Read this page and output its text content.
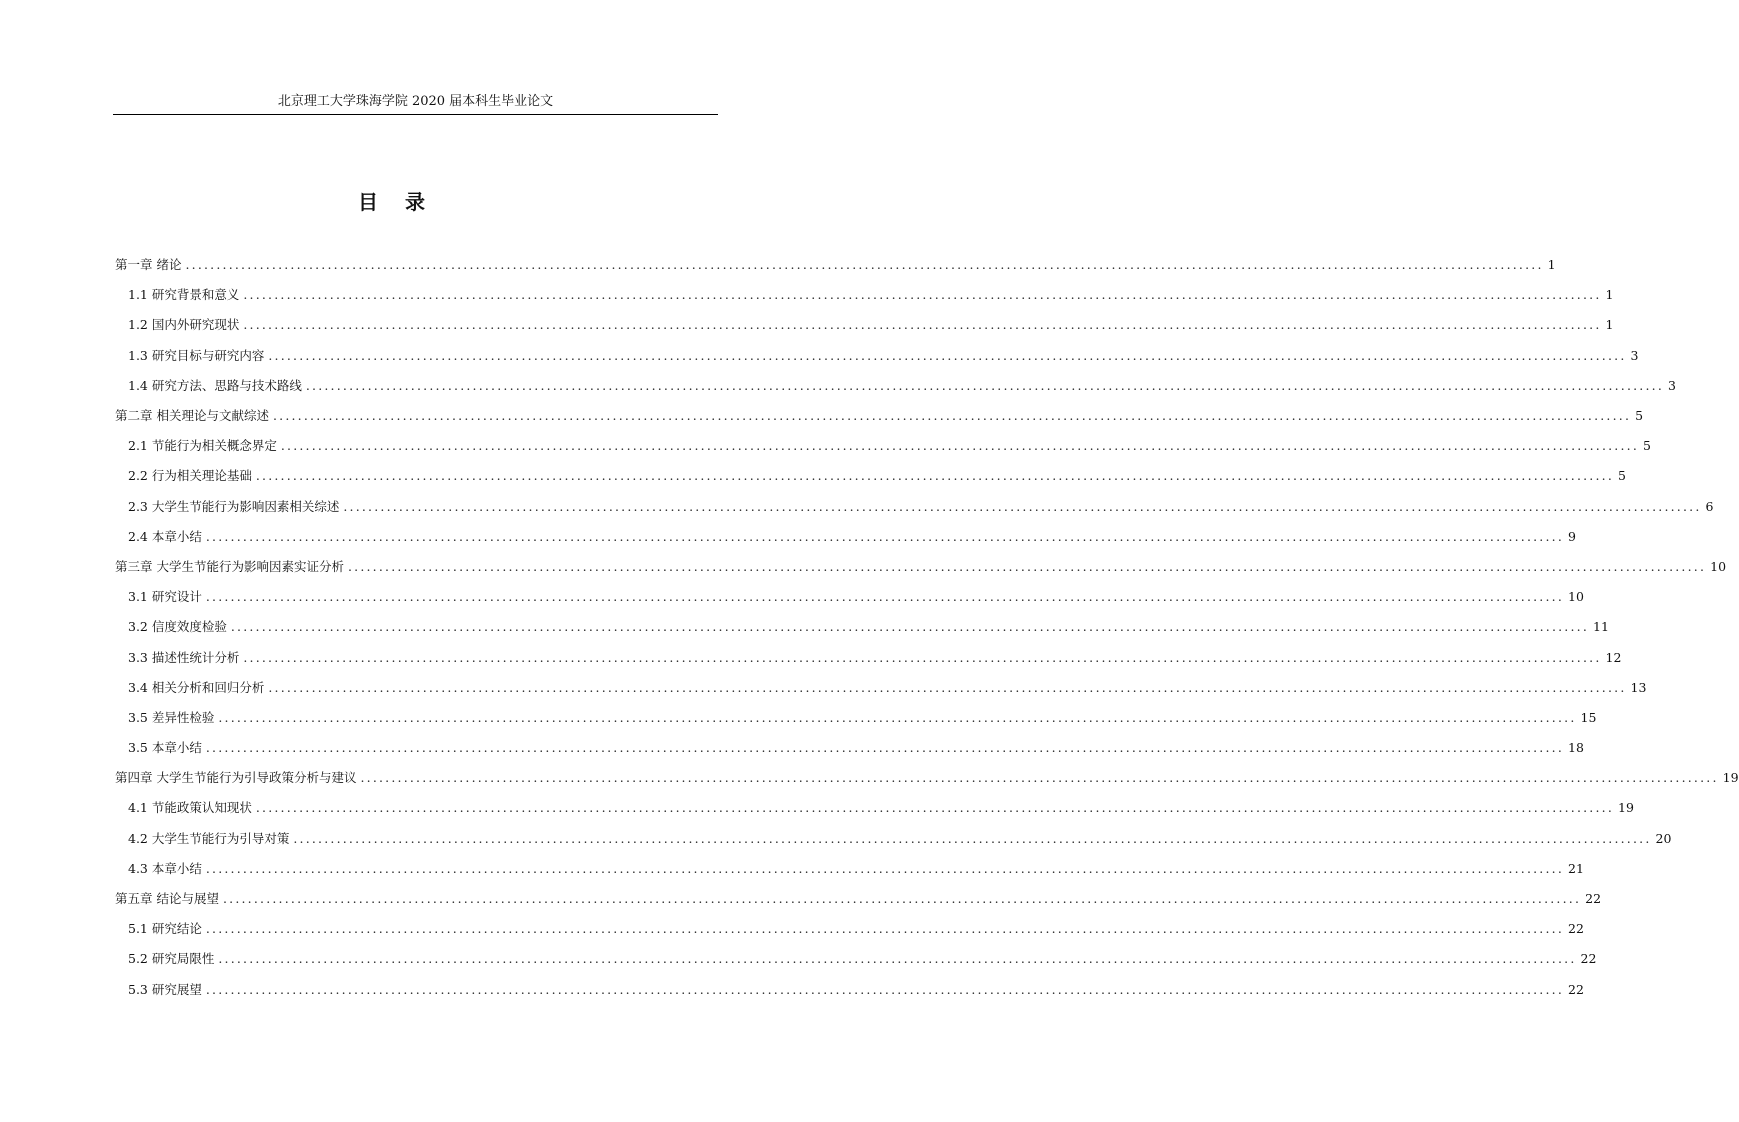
北京理工大学珠海学院 2020 届本科生毕业论文
目 录
第一章 绪论 ............................................................................................................................................................................................................................ 1
1.1 研究背景和意义 ............................................................................................................................................................................................................................ 1
1.2 国内外研究现状 ............................................................................................................................................................................................................................ 1
1.3 研究目标与研究内容 ............................................................................................................................................................................................................................ 3
1.4 研究方法、思路与技术路线 ............................................................................................................................................................................................................................ 3
第二章 相关理论与文献综述 ............................................................................................................................................................................................................................ 5
2.1 节能行为相关概念界定 ............................................................................................................................................................................................................................ 5
2.2 行为相关理论基础 ............................................................................................................................................................................................................................ 5
2.3 大学生节能行为影响因素相关综述 ............................................................................................................................................................................................................................ 6
2.4 本章小结 ............................................................................................................................................................................................................................ 9
第三章 大学生节能行为影响因素实证分析 ............................................................................................................................................................................................................................ 10
3.1 研究设计 ............................................................................................................................................................................................................................ 10
3.2 信度效度检验 ............................................................................................................................................................................................................................ 11
3.3 描述性统计分析 ............................................................................................................................................................................................................................ 12
3.4 相关分析和回归分析 ............................................................................................................................................................................................................................ 13
3.5 差异性检验 ............................................................................................................................................................................................................................ 15
3.5 本章小结 ............................................................................................................................................................................................................................ 18
第四章 大学生节能行为引导政策分析与建议 ............................................................................................................................................................................................................................ 19
4.1 节能政策认知现状 ............................................................................................................................................................................................................................ 19
4.2 大学生节能行为引导对策 ............................................................................................................................................................................................................................ 20
4.3 本章小结 ............................................................................................................................................................................................................................ 21
第五章 结论与展望 ............................................................................................................................................................................................................................ 22
5.1 研究结论 ............................................................................................................................................................................................................................ 22
5.2 研究局限性 ............................................................................................................................................................................................................................ 22
5.3 研究展望 ............................................................................................................................................................................................................................ 22
